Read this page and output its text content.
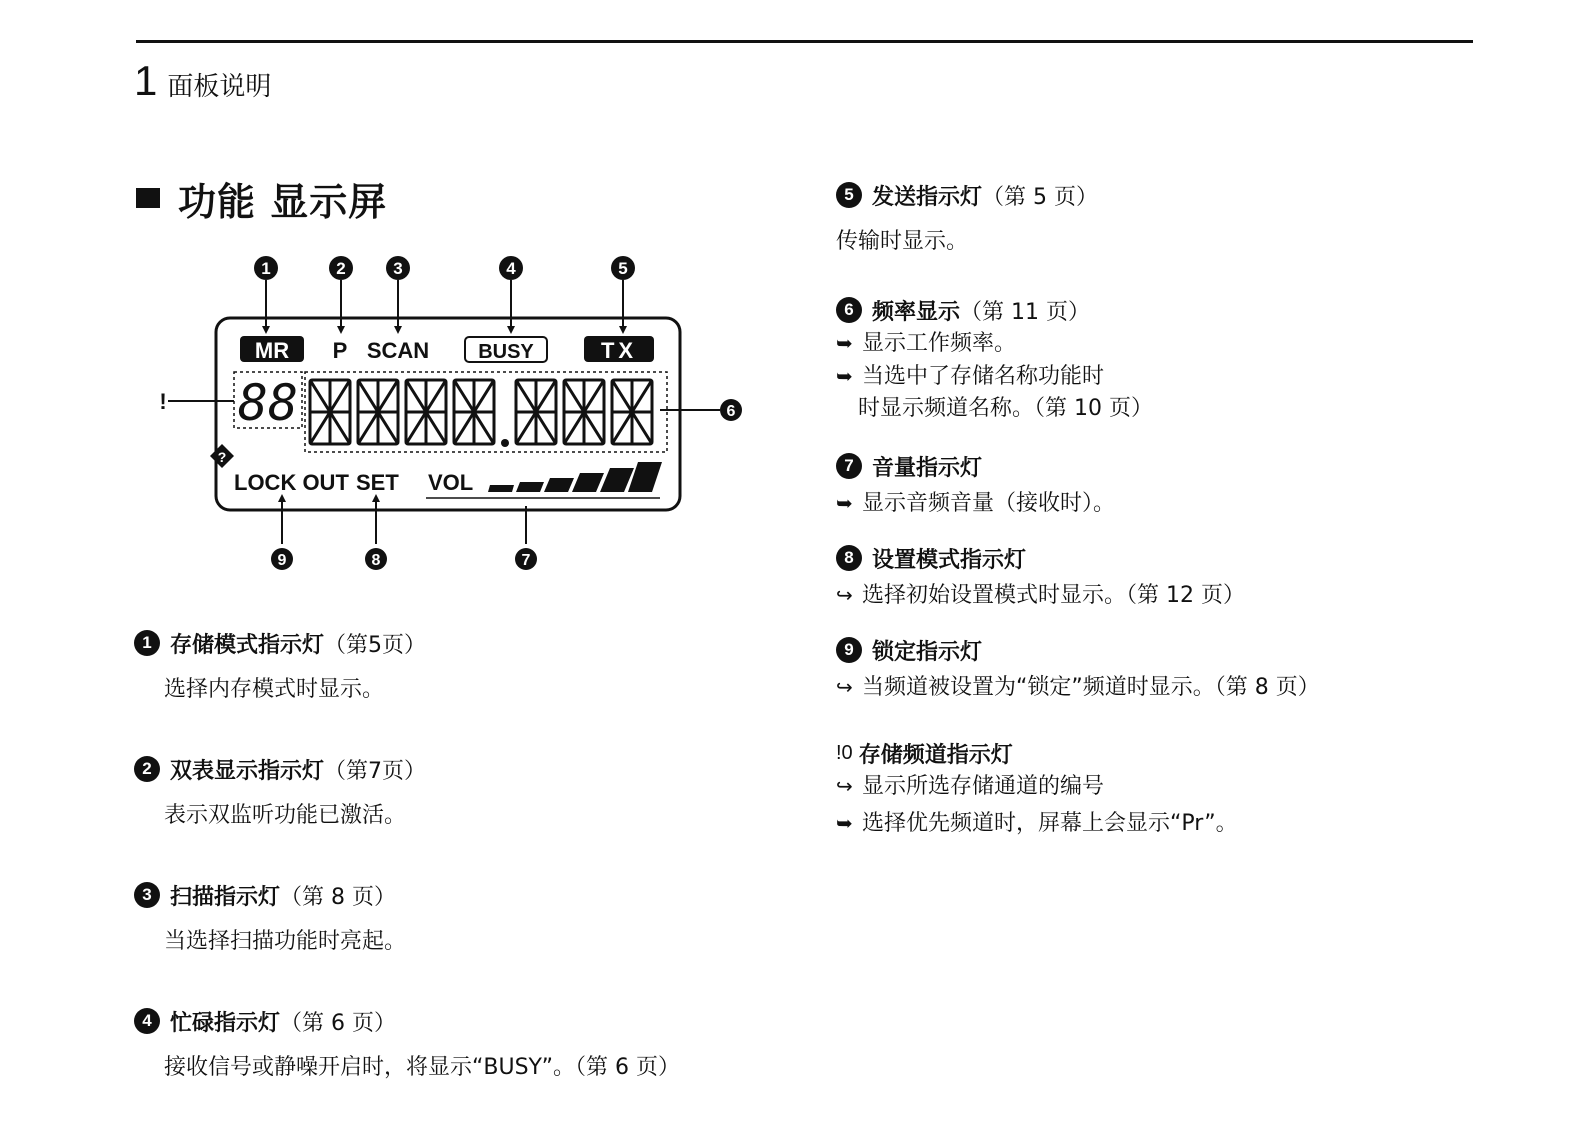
1 面板说明
功能 显示屏
1	2	3	4	5
6
7
8
9
!
?
MR P SCAN BUSY	TX
88
LOCK OUT SET VOL
1 存储模式指示灯 （第5页）
选择内存模式时显示。
2 双表显示指示灯 （第7页）
表示双监听功能已激活。
3 扫描指示灯 （第 8 页）
当选择扫描功能时亮起。
4 忙碌指示灯 （第 6 页）
接收信号或静噪开启时，将显示“BUSY”。（第 6 页）
5 发送指示灯 （第 5 页）
传输时显示。
6 频率显示 （第 11 页）
➥ 显示工作频率。
➥ 当选中了存储名称功能时
时显示频道名称。（第 10 页）
7 音量指示灯
➥ 显示音频音量（接收时）。
8 设置模式指示灯
↪ 选择初始设置模式时显示。（第 12 页）
9 锁定指示灯
↪ 当频道被设置为“锁定”频道时显示。（第 8 页）
!0 存储频道指示灯
↪ 显示所选存储通道的编号
➥ 选择优先频道时，屏幕上会显示“Pr”。
